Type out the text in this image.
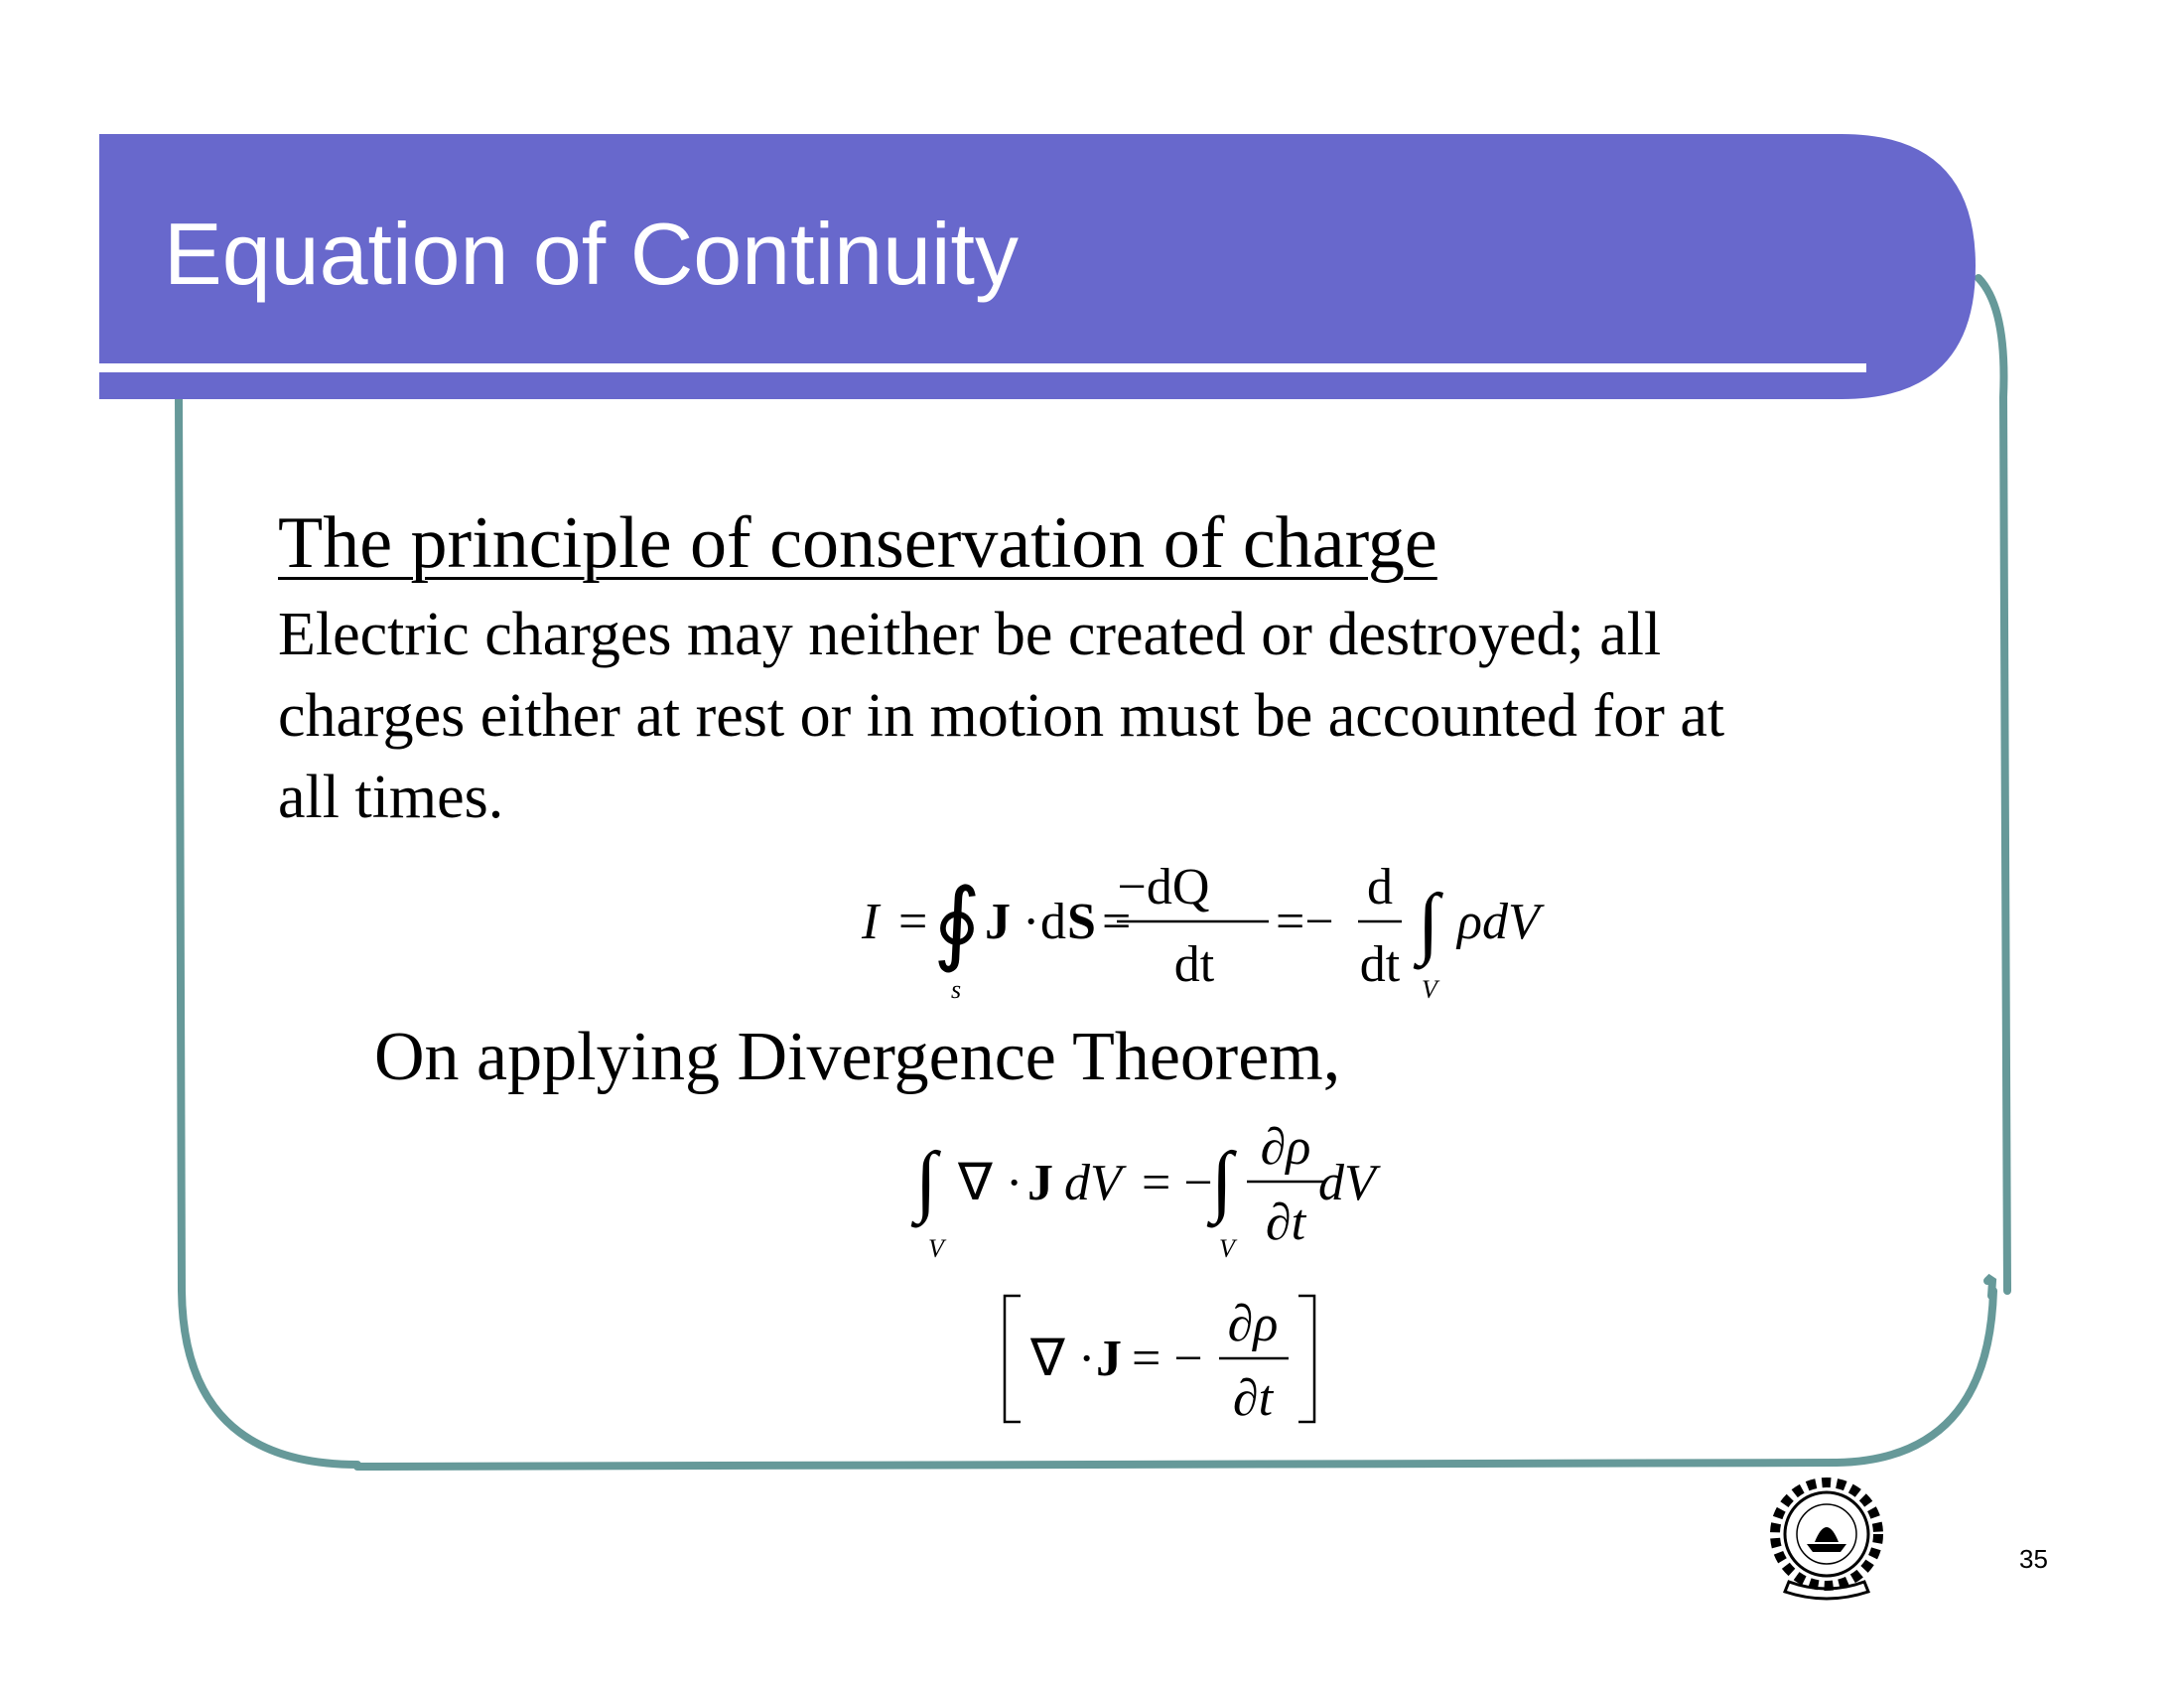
Equation of Continuity
The principle of conservation of charge
Electric charges may neither be created or destroyed; all
charges either at rest or in motion must be accounted for at
all times.
On applying Divergence Theorem,
I = ∮
s
J · d S =
−dQ
dt
=−
d
dt ∫
V
ρdV
∫
V
∇ · J dV = −
∫
V
∂ρ
∂t
dV
∇ · J = −
∂ρ
∂t
35
